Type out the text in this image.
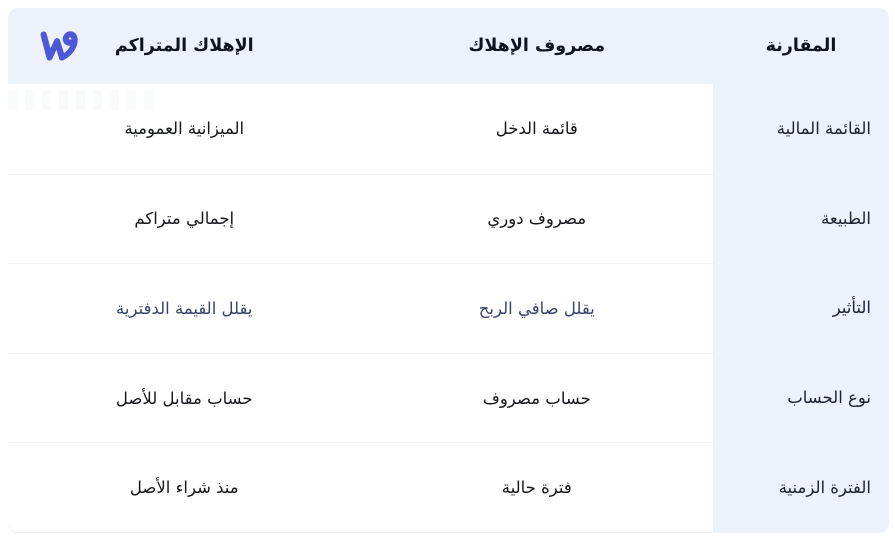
المقارنة
مصروف الإهلاك
الإهلاك المتراكم
القائمة المالية
قائمة الدخل
الميزانية العمومية
الطبيعة
مصروف دوري
إجمالي متراكم
التأثير
يقلل صافي الربح
يقلل القيمة الدفترية
نوع الحساب
حساب مصروف
حساب مقابل للأصل
الفترة الزمنية
فترة حالية
منذ شراء الأصل
